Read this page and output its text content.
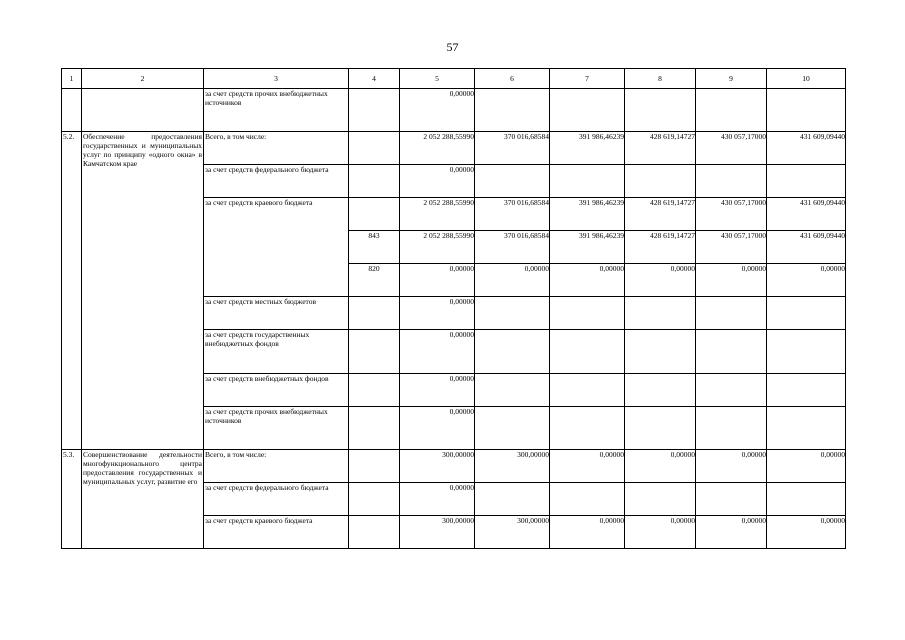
57
1	2	3	4	5	6	7	8	9	10
		за счет средств прочих внебюджетных источников		0,00000					
5.2.	Обеспечение предоставления государственных и муниципальных услуг по принципу «одного окна» в Камчатском крае	Всего, в том числе:		2 052 288,55990	370 016,68584	391 986,46239	428 619,14727	430 057,17000	431 609,09440
		за счет средств федерального бюджета		0,00000					
		за счет средств краевого бюджета		2 052 288,55990	370 016,68584	391 986,46239	428 619,14727	430 057,17000	431 609,09440
			843	2 052 288,55990	370 016,68584	391 986,46239	428 619,14727	430 057,17000	431 609,09440
			820	0,00000	0,00000	0,00000	0,00000	0,00000	0,00000
		за счет средств местных бюджетов		0,00000					
		за счет средств государственных внебюджетных фондов		0,00000					
		за счет средств внебюджетных фондов		0,00000					
		за счет средств прочих внебюджетных источников		0,00000					
5.3.	Совершенствование деятельности многофункционального центра предоставления государственных и муниципальных услуг, развитие его	Всего, в том числе:		300,00000	300,00000	0,00000	0,00000	0,00000	0,00000
		за счет средств федерального бюджета		0,00000					
		за счет средств краевого бюджета		300,00000	300,00000	0,00000	0,00000	0,00000	0,00000
